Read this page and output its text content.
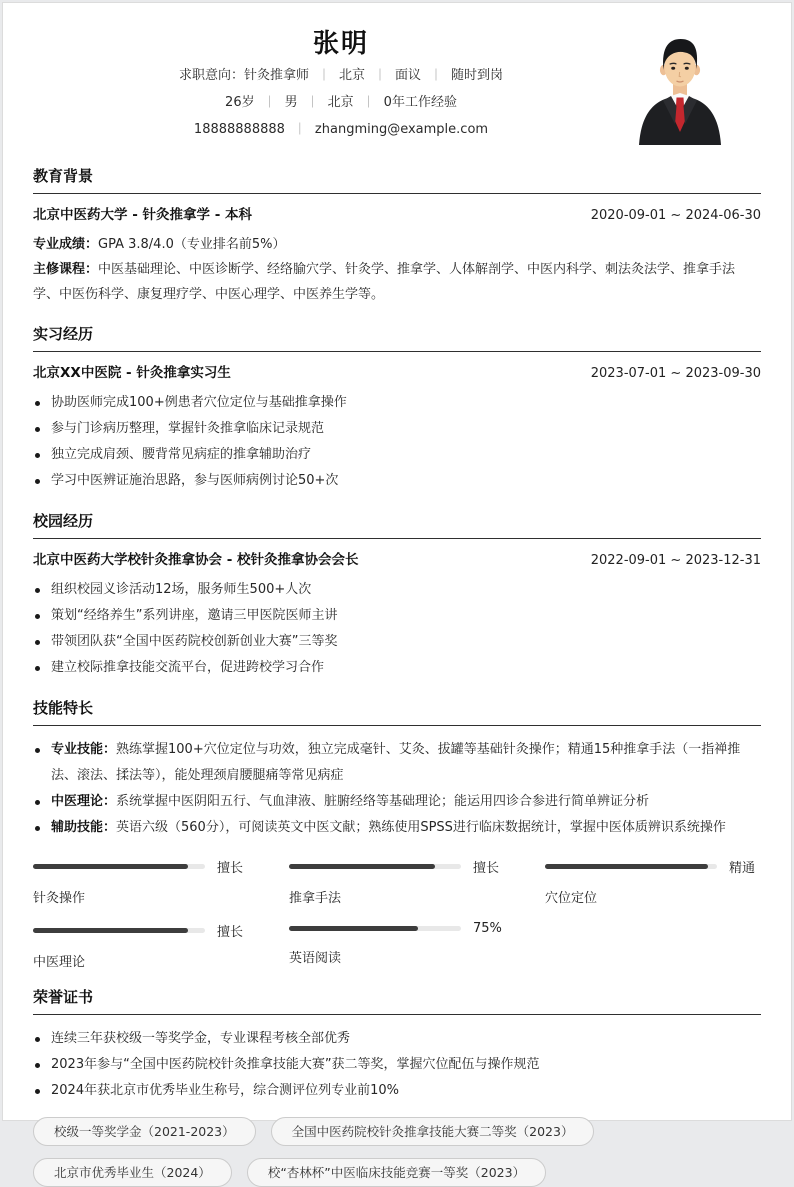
张明
求职意向：针灸推拿师 ｜ 北京 ｜ 面议 ｜ 随时到岗
26岁 ｜ 男 ｜ 北京 ｜ 0年工作经验
18888888888 ｜ zhangming@example.com
教育背景
北京中医药大学 - 针灸推拿学 - 本科	2020-09-01 ~ 2024-06-30
专业成绩：GPA 3.8/4.0（专业排名前5%）
主修课程：中医基础理论、中医诊断学、经络腧穴学、针灸学、推拿学、人体解剖学、中医内科学、刺法灸法学、推拿手法学、中医伤科学、康复理疗学、中医心理学、中医养生学等。
实习经历
北京XX中医院 - 针灸推拿实习生	2023-07-01 ~ 2023-09-30
协助医师完成100+例患者穴位定位与基础推拿操作
参与门诊病历整理，掌握针灸推拿临床记录规范
独立完成肩颈、腰背常见病症的推拿辅助治疗
学习中医辨证施治思路，参与医师病例讨论50+次
校园经历
北京中医药大学校针灸推拿协会 - 校针灸推拿协会会长	2022-09-01 ~ 2023-12-31
组织校园义诊活动12场，服务师生500+人次
策划“经络养生”系列讲座，邀请三甲医院医师主讲
带领团队获“全国中医药院校创新创业大赛”三等奖
建立校际推拿技能交流平台，促进跨校学习合作
技能特长
专业技能：熟练掌握100+穴位定位与功效，独立完成毫针、艾灸、拔罐等基础针灸操作；精通15种推拿手法（一指禅推法、滚法、揉法等），能处理颈肩腰腿痛等常见病症
中医理论：系统掌握中医阴阳五行、气血津液、脏腑经络等基础理论；能运用四诊合参进行简单辨证分析
辅助技能：英语六级（560分），可阅读英文中医文献；熟练使用SPSS进行临床数据统计，掌握中医体质辨识系统操作
擅长
针灸操作
擅长
推拿手法
精通
穴位定位
擅长
中医理论
75%
英语阅读
荣誉证书
连续三年获校级一等奖学金，专业课程考核全部优秀
2023年参与“全国中医药院校针灸推拿技能大赛”获二等奖，掌握穴位配伍与操作规范
2024年获北京市优秀毕业生称号，综合测评位列专业前10%
校级一等奖学金（2021-2023）	全国中医药院校针灸推拿技能大赛二等奖（2023）
北京市优秀毕业生（2024）	校“杏林杯”中医临床技能竞赛一等奖（2023）
